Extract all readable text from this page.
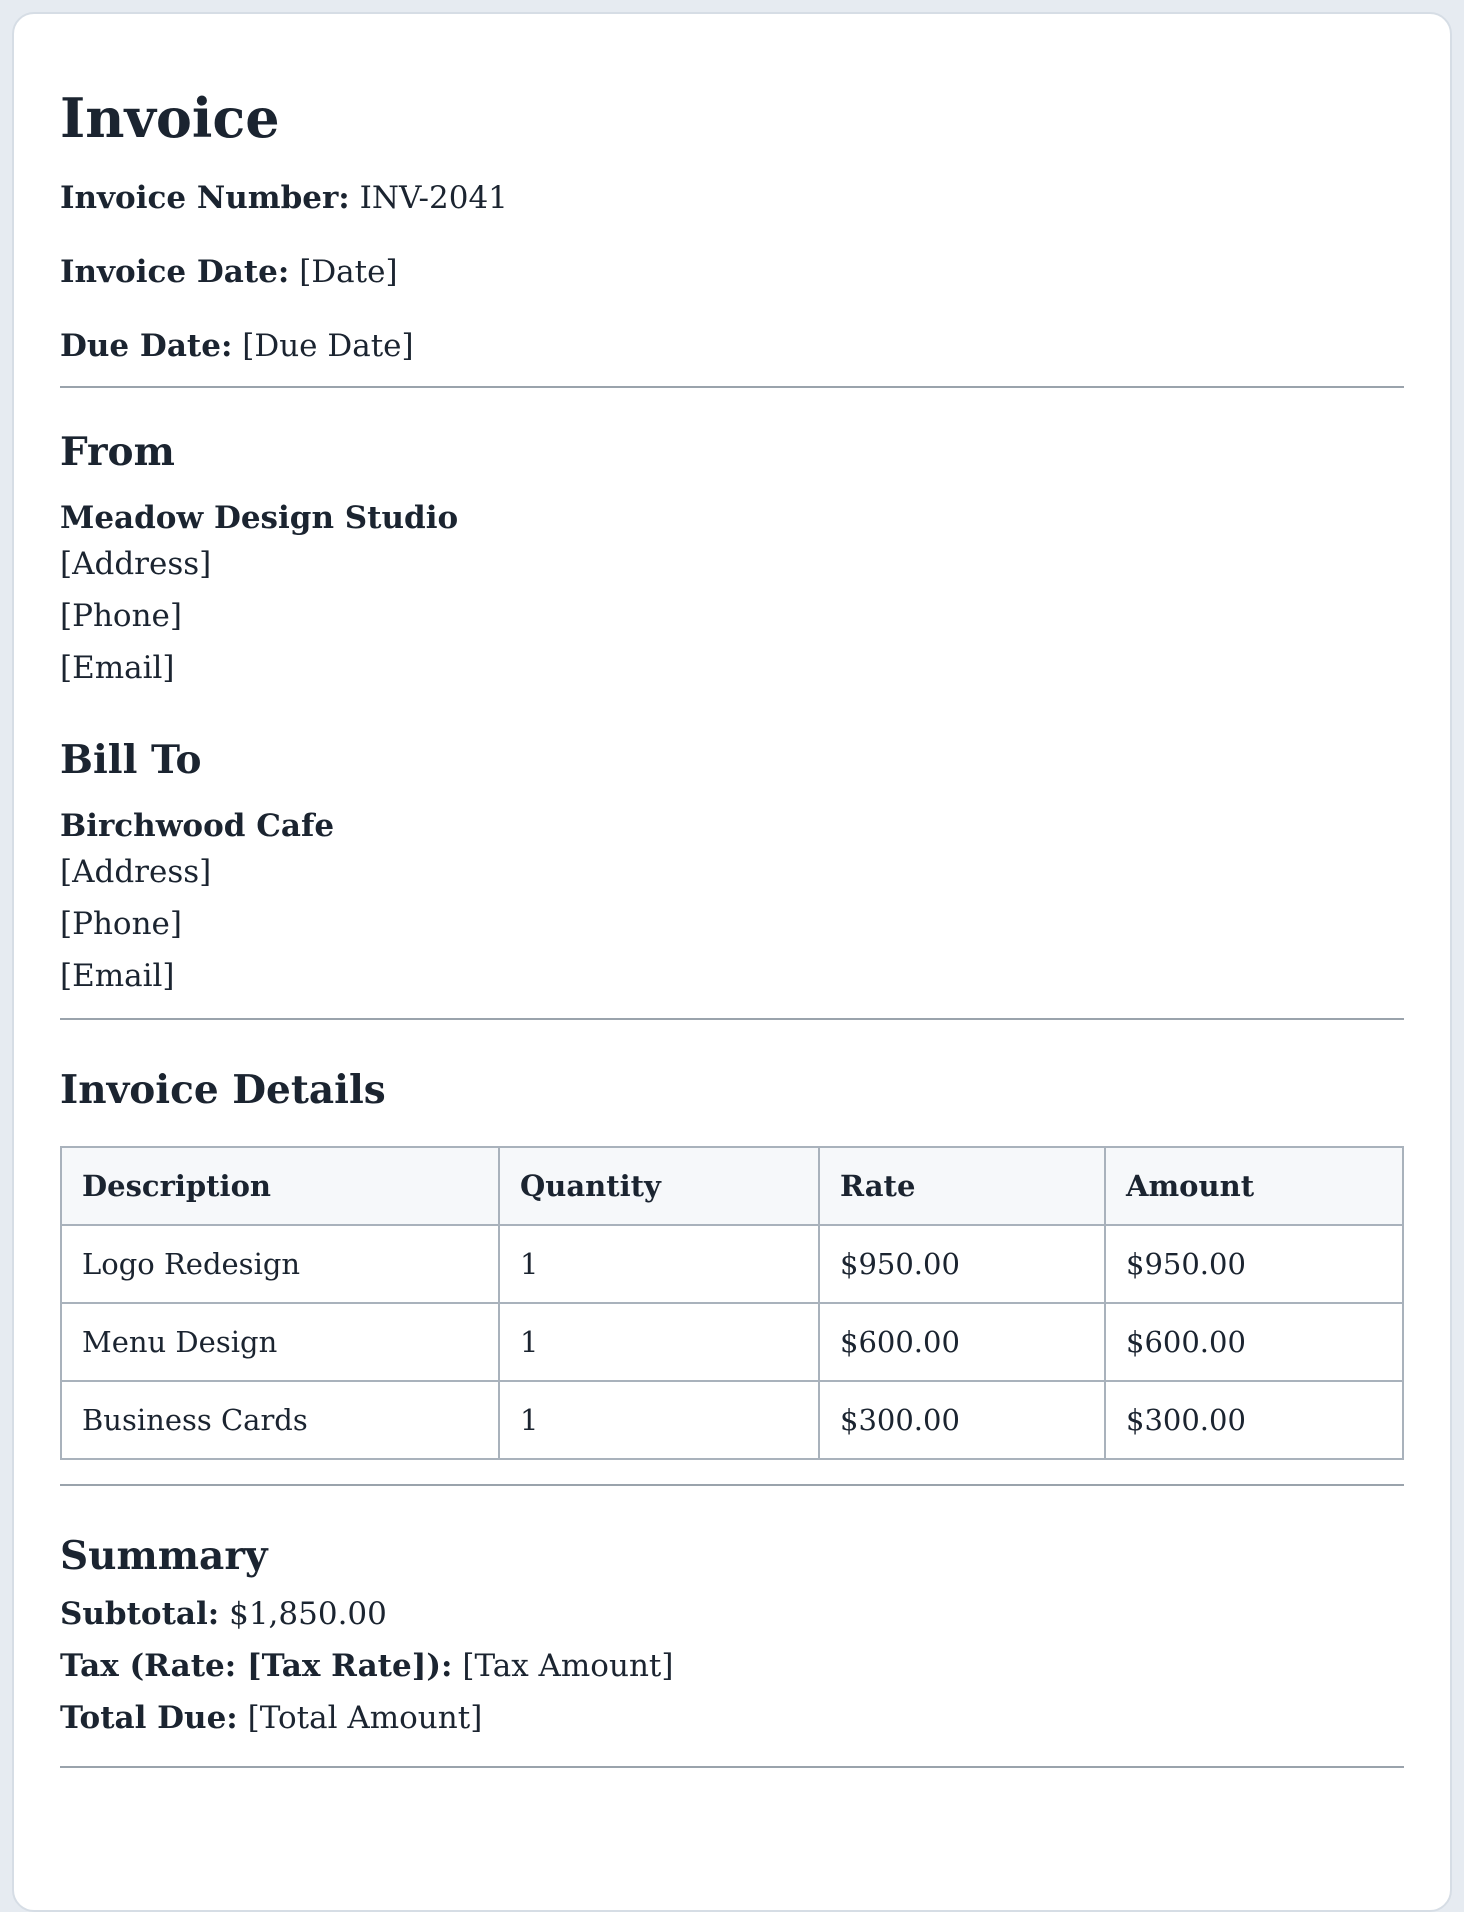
Invoice

Invoice Number: INV-2041

Invoice Date: [Date]

Due Date: [Due Date]

From

Meadow Design Studio

[Address]

[Phone]

[Email]

Bill To

Birchwood Cafe

[Address]

[Phone]

[Email]

Invoice Details
Description	Quantity	Rate	Amount
Logo Redesign	1	$950.00	$950.00
Menu Design	1	$600.00	$600.00
Business Cards	1	$300.00	$300.00
Summary

Subtotal: $1,850.00

Tax (Rate: [Tax Rate]): [Tax Amount]

Total Due: [Total Amount]
